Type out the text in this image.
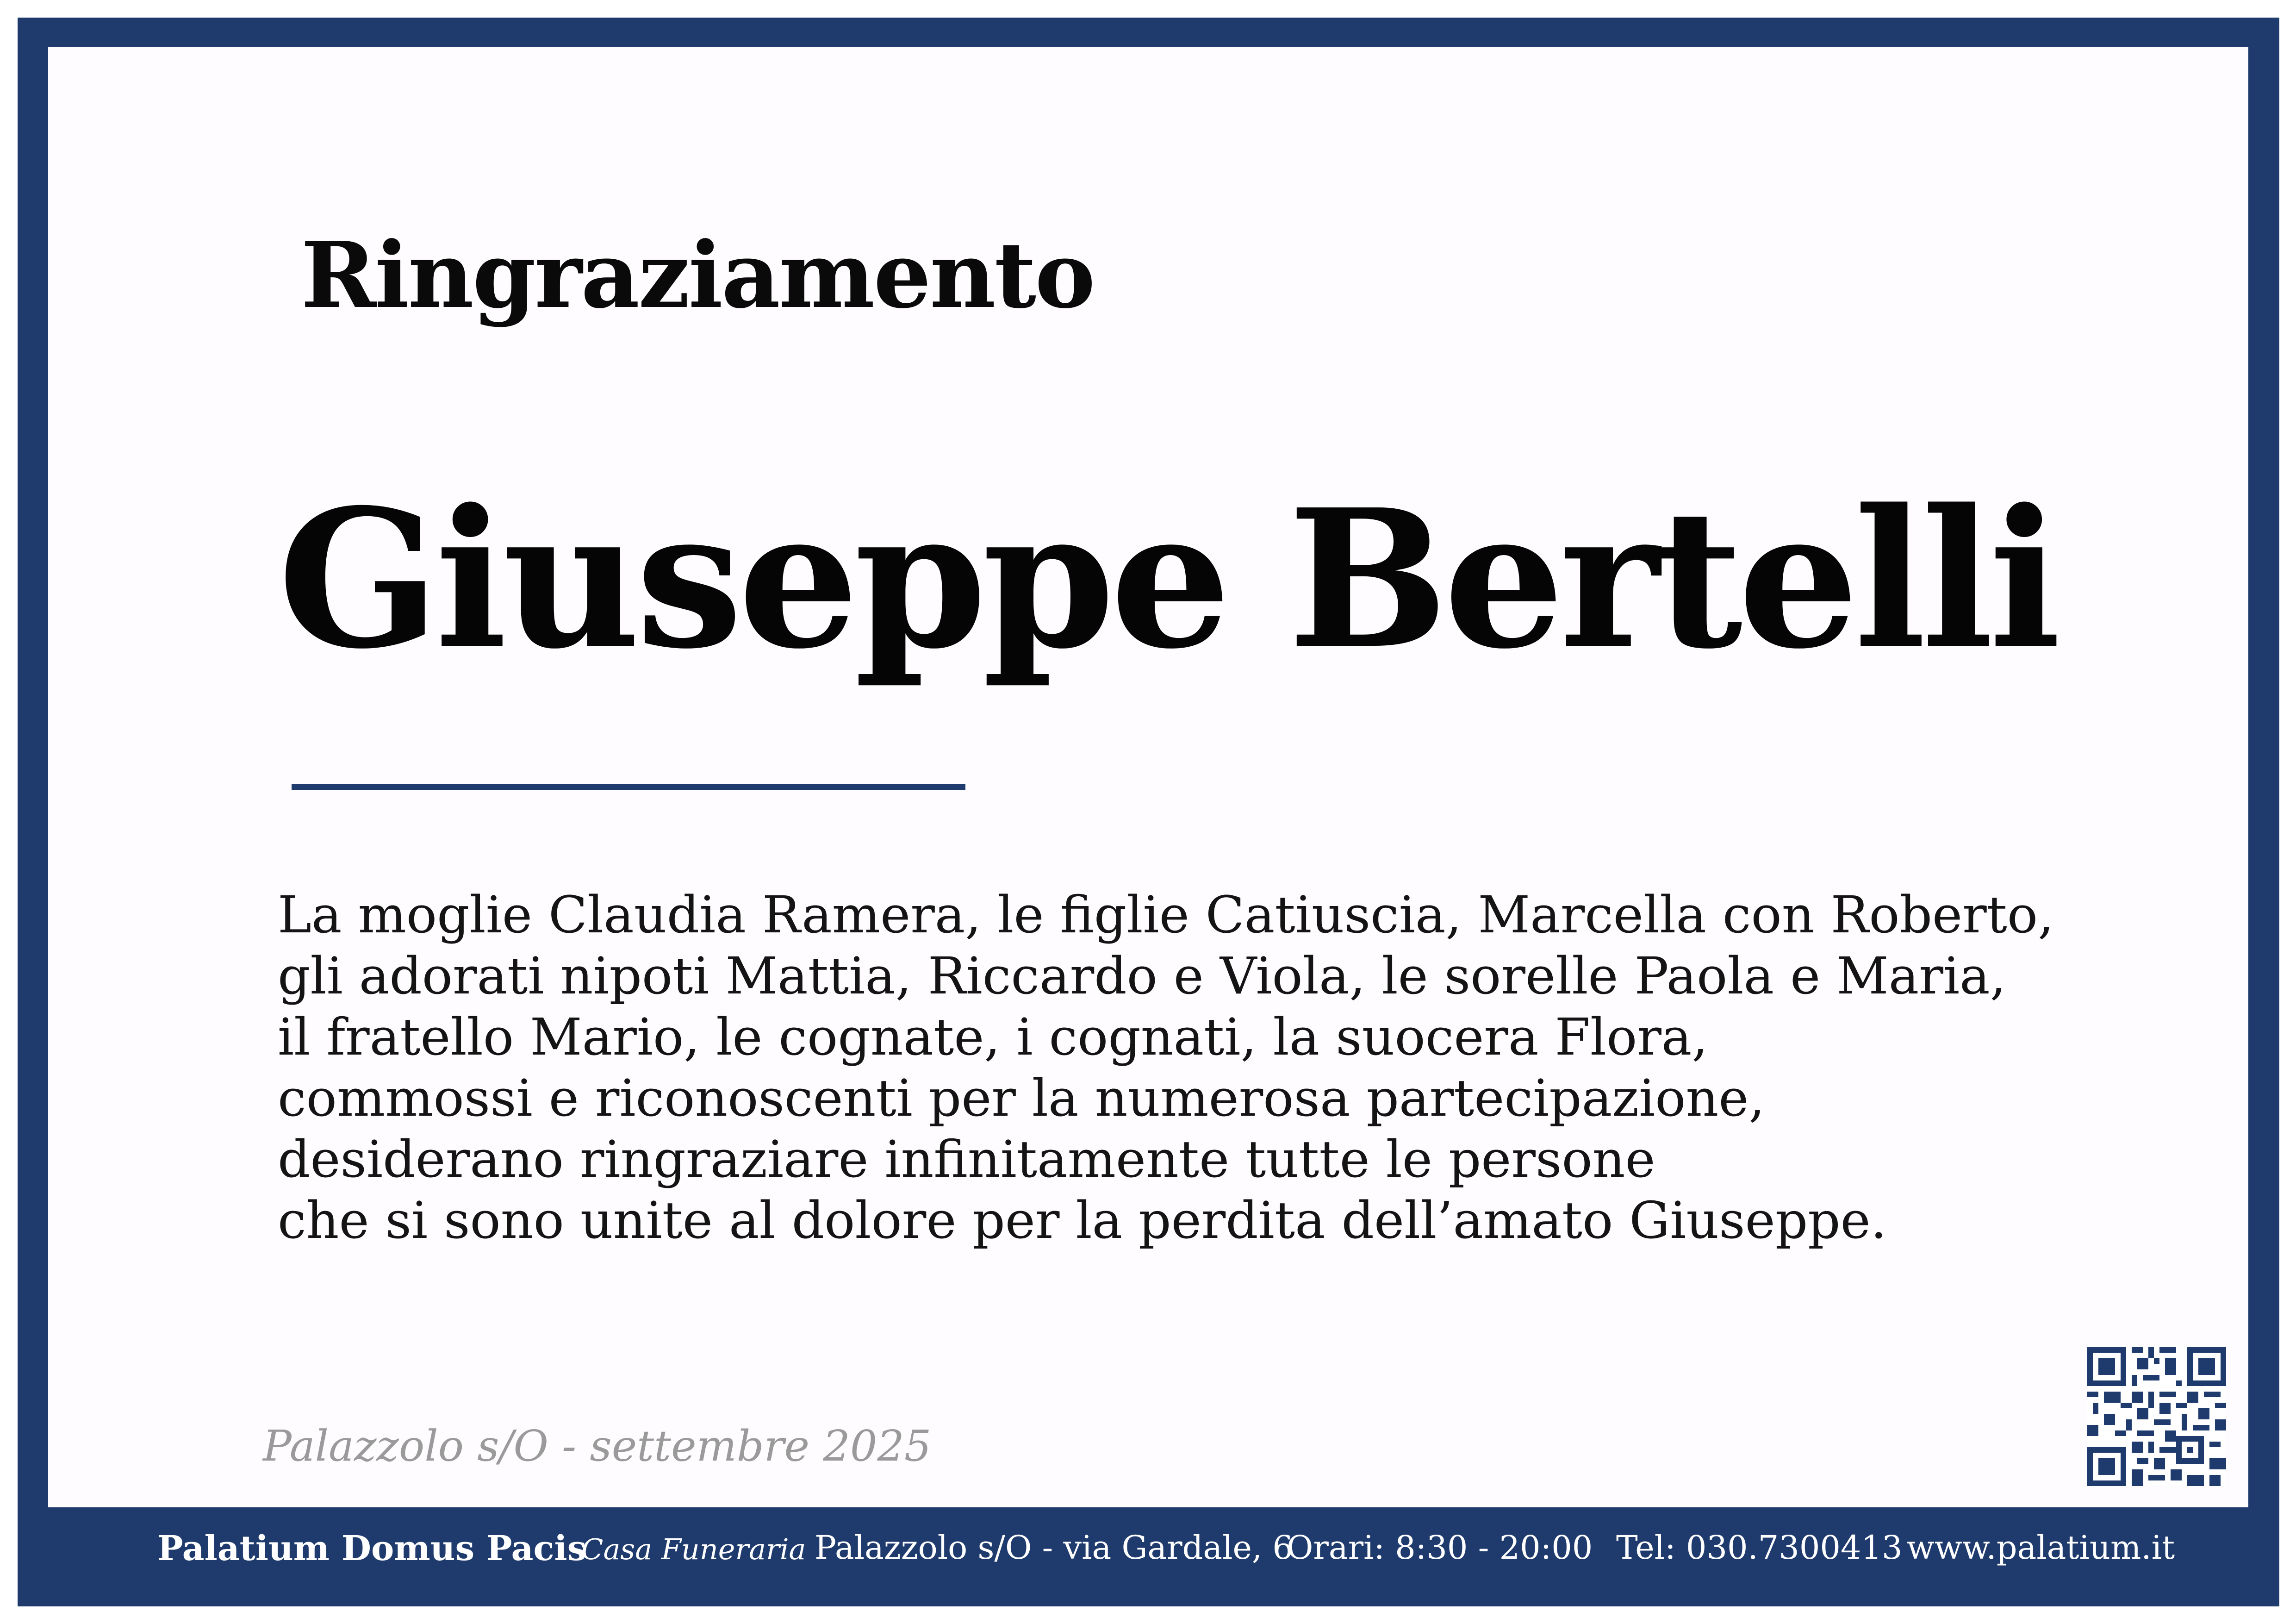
Ringraziamento
Giuseppe Bertelli
La moglie Claudia Ramera, le figlie Catiuscia, Marcella con Roberto,
gli adorati nipoti Mattia, Riccardo e Viola, le sorelle Paola e Maria,
il fratello Mario, le cognate, i cognati, la suocera Flora,
commossi e riconoscenti per la numerosa partecipazione,
desiderano ringraziare infinitamente tutte le persone
che si sono unite al dolore per la perdita dell’amato Giuseppe.
Palazzolo s/O - settembre 2025
Palatium Domus Pacis
Casa Funeraria Palazzolo s/O - via Gardale, 6
Orari: 8:30 - 20:00 Tel: 030.7300413 www.palatium.it
